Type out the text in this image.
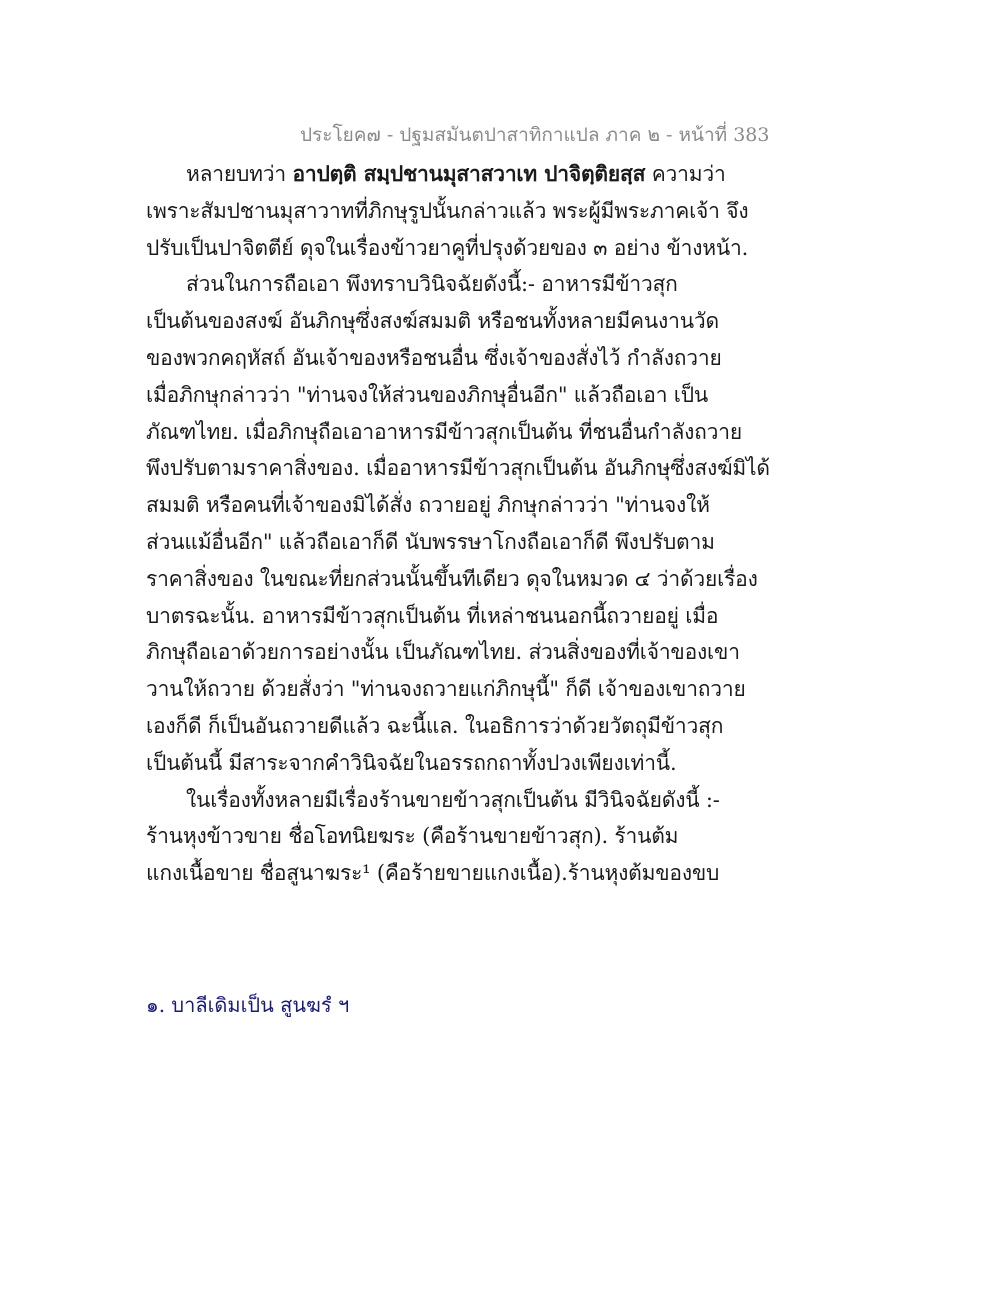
ประโยค๗ - ปฐมสมันตปาสาทิกาแปล ภาค ๒ - หน้าที่ 383
หลายบทว่า อาปตฺติ สมฺปชานมุสาสวาเท ปาจิตฺติยสฺส ความว่า
เพราะสัมปชานมุสาวาทที่ภิกษุรูปนั้นกล่าวแล้ว พระผู้มีพระภาคเจ้า จึง
ปรับเป็นปาจิตตีย์ ดุจในเรื่องข้าวยาคูที่ปรุงด้วยของ ๓ อย่าง ข้างหน้า.
ส่วนในการถือเอา พึงทราบวินิจฉัยดังนี้:- อาหารมีข้าวสุก
เป็นต้นของสงฆ์ อันภิกษุซึ่งสงฆ์สมมติ หรือชนทั้งหลายมีคนงานวัด
ของพวกคฤหัสถ์ อันเจ้าของหรือชนอื่น ซึ่งเจ้าของสั่งไว้ กำลังถวาย
เมื่อภิกษุกล่าวว่า "ท่านจงให้ส่วนของภิกษุอื่นอีก" แล้วถือเอา เป็น
ภัณฑไทย. เมื่อภิกษุถือเอาอาหารมีข้าวสุกเป็นต้น ที่ชนอื่นกำลังถวาย
พึงปรับตามราคาสิ่งของ. เมื่ออาหารมีข้าวสุกเป็นต้น อันภิกษุซึ่งสงฆ์มิได้
สมมติ หรือคนที่เจ้าของมิได้สั่ง ถวายอยู่ ภิกษุกล่าวว่า "ท่านจงให้
ส่วนแม้อื่นอีก" แล้วถือเอาก็ดี นับพรรษาโกงถือเอาก็ดี พึงปรับตาม
ราคาสิ่งของ ในขณะที่ยกส่วนนั้นขึ้นทีเดียว ดุจในหมวด ๔ ว่าด้วยเรื่อง
บาตรฉะนั้น. อาหารมีข้าวสุกเป็นต้น ที่เหล่าชนนอกนี้ถวายอยู่ เมื่อ
ภิกษุถือเอาด้วยการอย่างนั้น เป็นภัณฑไทย. ส่วนสิ่งของที่เจ้าของเขา
วานให้ถวาย ด้วยสั่งว่า "ท่านจงถวายแก่ภิกษุนี้" ก็ดี เจ้าของเขาถวาย
เองก็ดี ก็เป็นอันถวายดีแล้ว ฉะนี้แล. ในอธิการว่าด้วยวัตถุมีข้าวสุก
เป็นต้นนี้ มีสาระจากคำวินิจฉัยในอรรถกถาทั้งปวงเพียงเท่านี้.
ในเรื่องทั้งหลายมีเรื่องร้านขายข้าวสุกเป็นต้น มีวินิจฉัยดังนี้ :-
ร้านหุงข้าวขาย ชื่อโอทนิยฆระ (คือร้านขายข้าวสุก). ร้านต้ม
แกงเนื้อขาย ชื่อสูนาฆระ¹ (คือร้ายขายแกงเนื้อ).ร้านหุงต้มของขบ
๑. บาลีเดิมเป็น สูนฆรํ ฯ
